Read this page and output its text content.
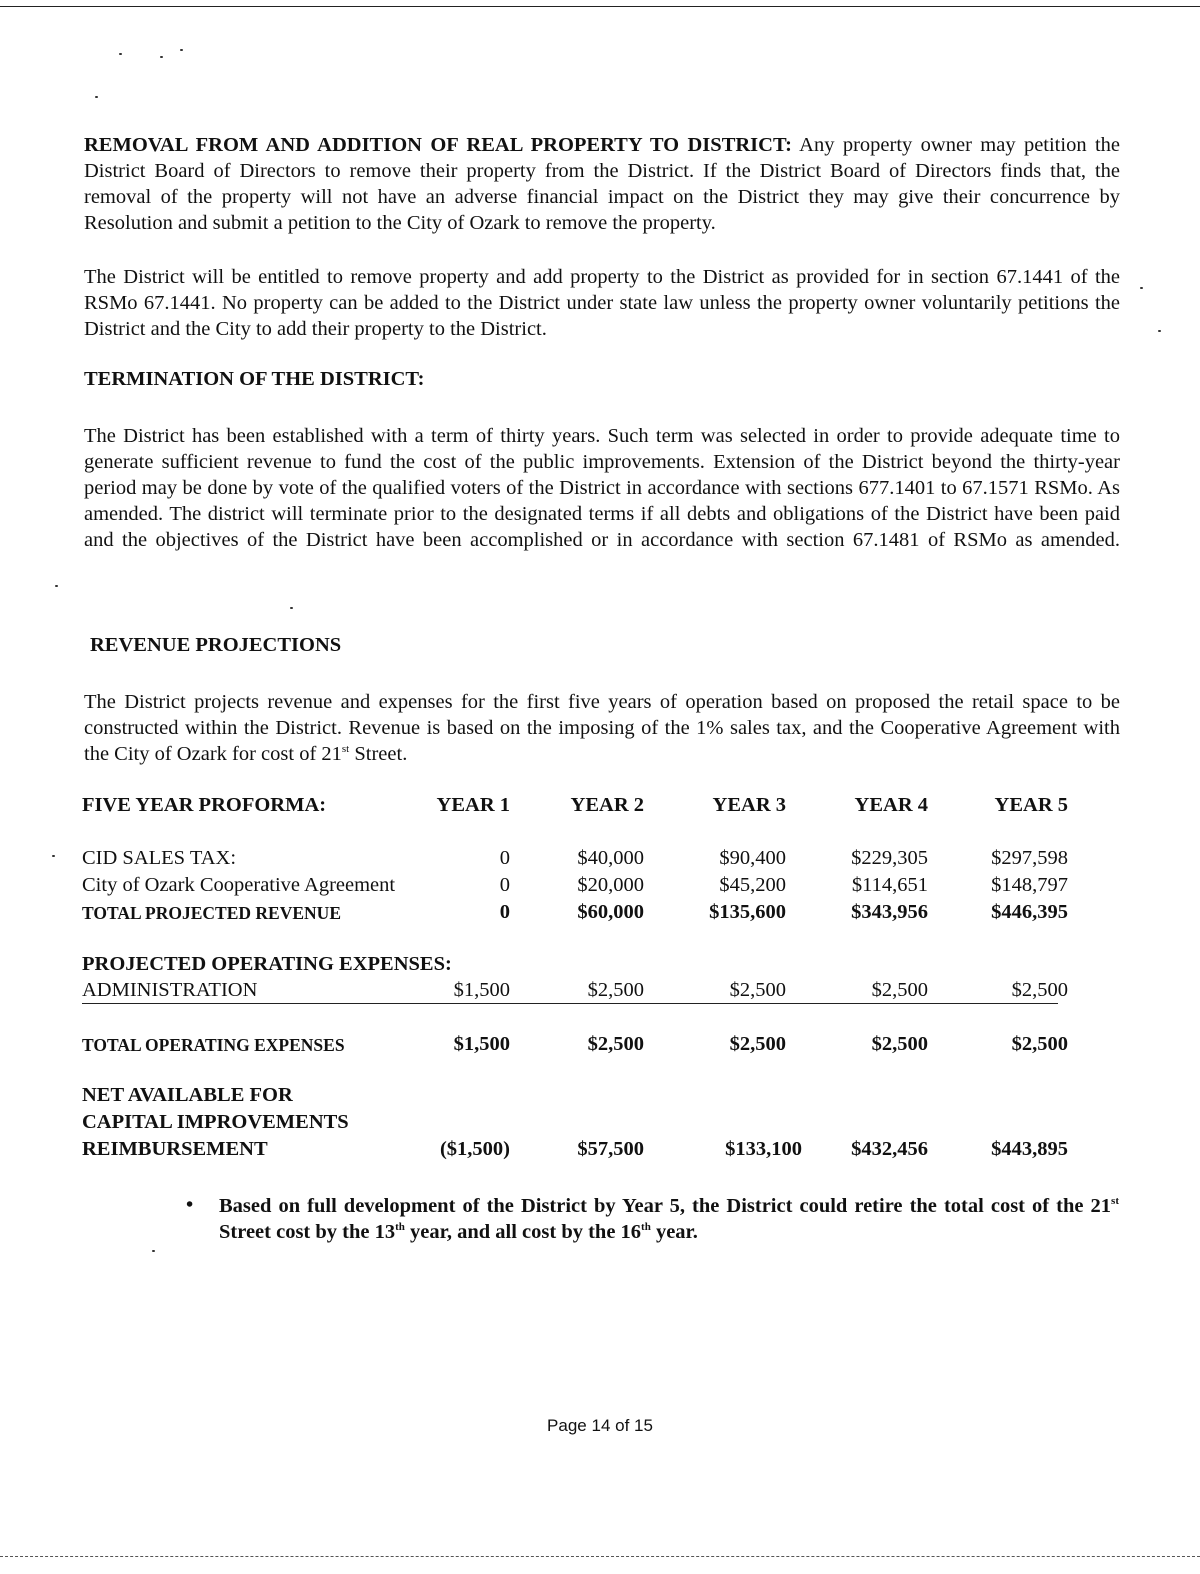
REMOVAL FROM AND ADDITION OF REAL PROPERTY TO DISTRICT: Any property owner may petition the District Board of Directors to remove their property from the District. If the District Board of Directors finds that, the removal of the property will not have an adverse financial impact on the District they may give their concurrence by Resolution and submit a petition to the City of Ozark to remove the property.

The District will be entitled to remove property and add property to the District as provided for in section 67.1441 of the RSMo 67.1441. No property can be added to the District under state law unless the property owner voluntarily petitions the District and the City to add their property to the District.

TERMINATION OF THE DISTRICT:

The District has been established with a term of thirty years. Such term was selected in order to provide adequate time to generate sufficient revenue to fund the cost of the public improvements. Extension of the District beyond the thirty-year period may be done by vote of the qualified voters of the District in accordance with sections 677.1401 to 67.1571 RSMo. As amended. The district will terminate prior to the designated terms if all debts and obligations of the District have been paid and the objectives of the District have been accomplished or in accordance with section 67.1481 of RSMo as amended.

REVENUE PROJECTIONS

The District projects revenue and expenses for the first five years of operation based on proposed the retail space to be constructed within the District. Revenue is based on the imposing of the 1% sales tax, and the Cooperative Agreement with the City of Ozark for cost of 21st Street.

FIVE YEAR PROFORMA:	YEAR 1	YEAR 2	YEAR 3	YEAR 4	YEAR 5
CID SALES TAX:	0	$40,000	$90,400	$229,305	$297,598
City of Ozark Cooperative Agreement	0	$20,000	$45,200	$114,651	$148,797
TOTAL PROJECTED REVENUE	0	$60,000	$135,600	$343,956	$446,395
PROJECTED OPERATING EXPENSES:
ADMINISTRATION	$1,500	$2,500	$2,500	$2,500	$2,500
TOTAL OPERATING EXPENSES	$1,500	$2,500	$2,500	$2,500	$2,500
NET AVAILABLE FOR
CAPITAL IMPROVEMENTS
REIMBURSEMENT	($1,500)	$57,500	$133,100	$432,456	$443,895
• Based on full development of the District by Year 5, the District could retire the total cost of the 21st Street cost by the 13th year, and all cost by the 16th year.

Page 14 of 15
